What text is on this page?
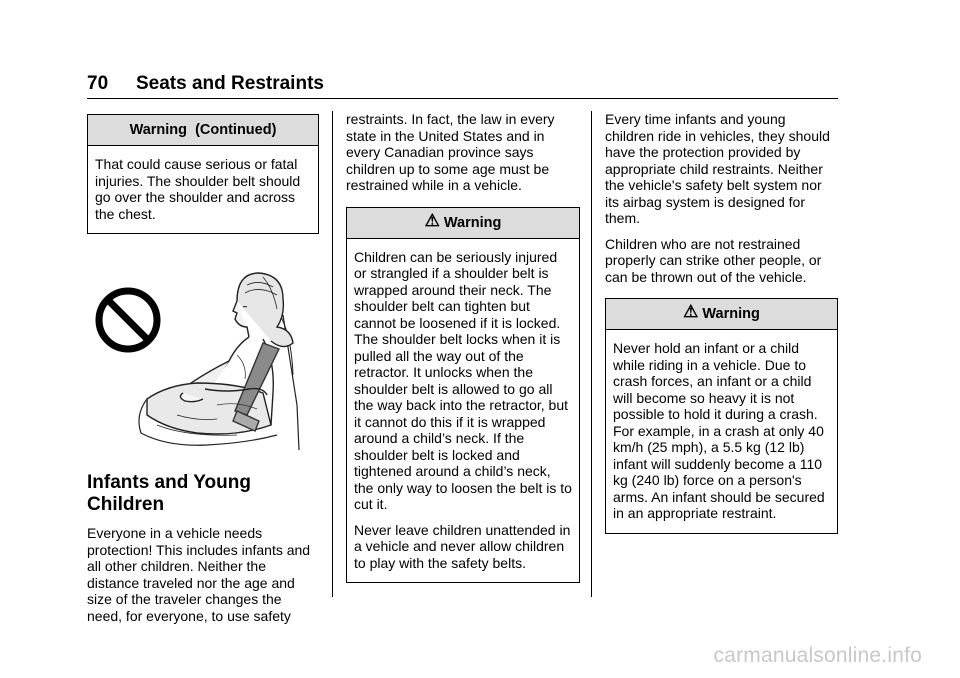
70 Seats and Restraints
Warning  (Continued)

That could cause serious or fatal injuries. The shoulder belt should go over the shoulder and across the chest.

Infants and Young Children

Everyone in a vehicle needs protection! This includes infants and all other children. Neither the distance traveled nor the age and size of the traveler changes the need, for everyone, to use safety

restraints. In fact, the law in every state in the United States and in every Canadian province says children up to some age must be restrained while in a vehicle.

⚠ Warning

Children can be seriously injured or strangled if a shoulder belt is wrapped around their neck. The shoulder belt can tighten but cannot be loosened if it is locked. The shoulder belt locks when it is pulled all the way out of the retractor. It unlocks when the shoulder belt is allowed to go all the way back into the retractor, but it cannot do this if it is wrapped around a child’s neck. If the shoulder belt is locked and tightened around a child’s neck, the only way to loosen the belt is to cut it.

Never leave children unattended in a vehicle and never allow children to play with the safety belts.

Every time infants and young children ride in vehicles, they should have the protection provided by appropriate child restraints. Neither the vehicle's safety belt system nor its airbag system is designed for them.

Children who are not restrained properly can strike other people, or can be thrown out of the vehicle.

⚠ Warning

Never hold an infant or a child while riding in a vehicle. Due to crash forces, an infant or a child will become so heavy it is not possible to hold it during a crash. For example, in a crash at only 40 km/h (25 mph), a 5.5 kg (12 lb) infant will suddenly become a 110 kg (240 lb) force on a person's arms. An infant should be secured in an appropriate restraint.

carmanualsonline.info
